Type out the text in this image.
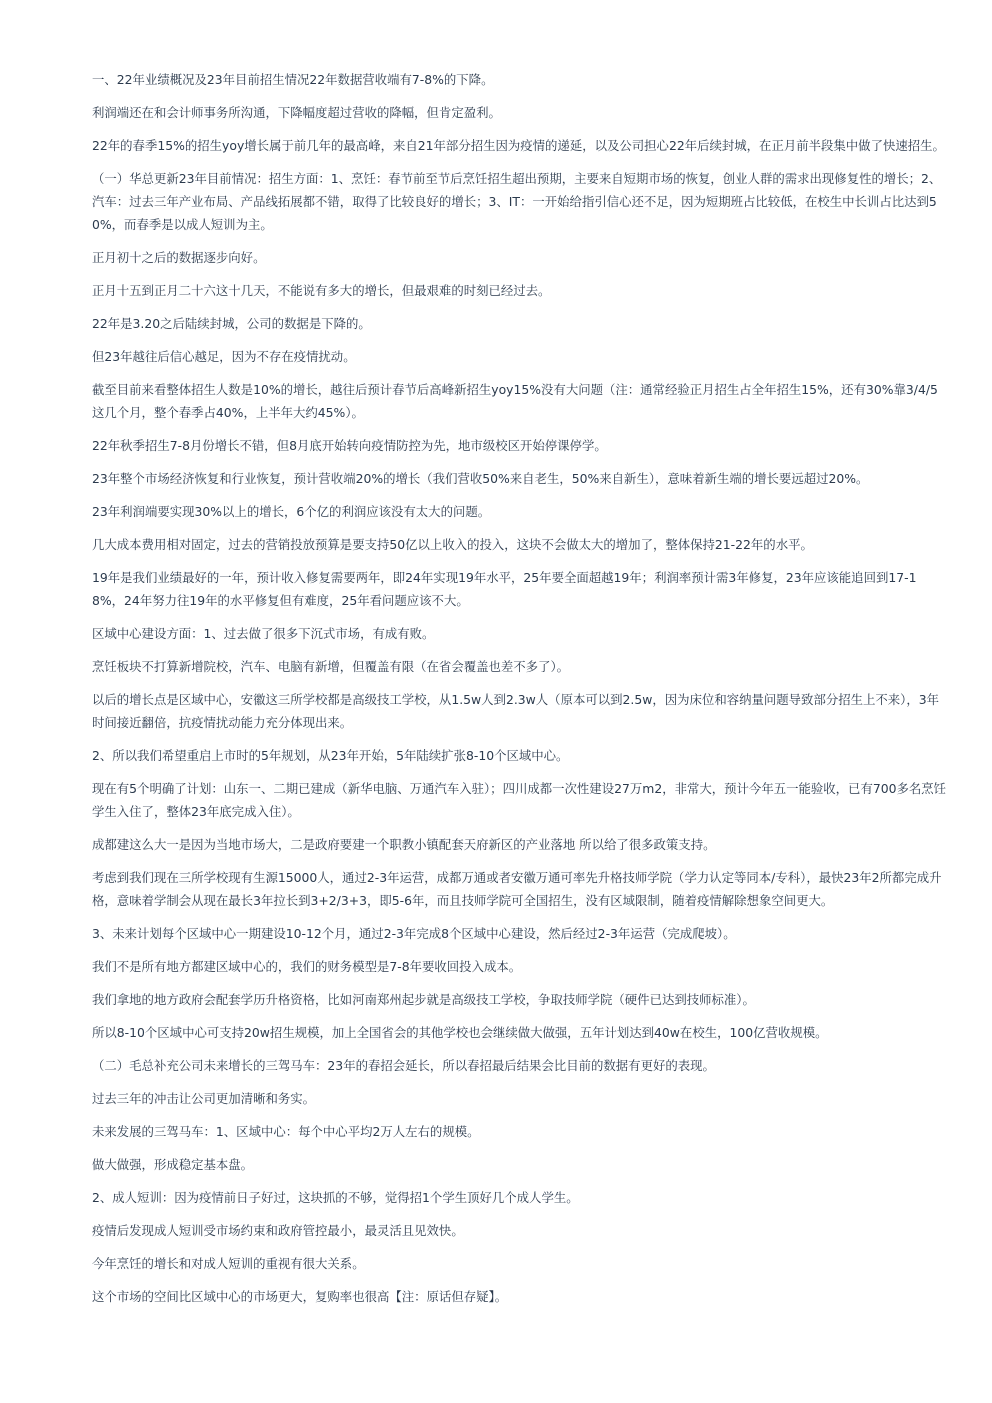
一、22年业绩概况及23年目前招生情况22年数据营收端有7-8%的下降。

利润端还在和会计师事务所沟通，下降幅度超过营收的降幅，但肯定盈利。

22年的春季15%的招生yoy增长属于前几年的最高峰，来自21年部分招生因为疫情的递延，以及公司担心22年后续封城，在正月前半段集中做了快速招生。

（一）华总更新23年目前情况：招生方面：1、烹饪：春节前至节后烹饪招生超出预期，主要来自短期市场的恢复，创业人群的需求出现修复性的增长；2、汽车：过去三年产业布局、产品线拓展都不错，取得了比较良好的增长；3、IT：一开始给指引信心还不足，因为短期班占比较低，在校生中长训占比达到50%，而春季是以成人短训为主。

正月初十之后的数据逐步向好。

正月十五到正月二十六这十几天，不能说有多大的增长，但最艰难的时刻已经过去。

22年是3.20之后陆续封城，公司的数据是下降的。

但23年越往后信心越足，因为不存在疫情扰动。

截至目前来看整体招生人数是10%的增长，越往后预计春节后高峰新招生yoy15%没有大问题（注：通常经验正月招生占全年招生15%，还有30%靠3/4/5这几个月，整个春季占40%，上半年大约45%）。

22年秋季招生7-8月份增长不错，但8月底开始转向疫情防控为先，地市级校区开始停课停学。

23年整个市场经济恢复和行业恢复，预计营收端20%的增长（我们营收50%来自老生，50%来自新生），意味着新生端的增长要远超过20%。

23年利润端要实现30%以上的增长，6个亿的利润应该没有太大的问题。

几大成本费用相对固定，过去的营销投放预算是要支持50亿以上收入的投入，这块不会做太大的增加了，整体保持21-22年的水平。

19年是我们业绩最好的一年，预计收入修复需要两年，即24年实现19年水平，25年要全面超越19年；利润率预计需3年修复，23年应该能追回到17-18%，24年努力往19年的水平修复但有难度，25年看问题应该不大。

区域中心建设方面：1、过去做了很多下沉式市场，有成有败。

烹饪板块不打算新增院校，汽车、电脑有新增，但覆盖有限（在省会覆盖也差不多了）。

以后的增长点是区域中心，安徽这三所学校都是高级技工学校，从1.5w人到2.3w人（原本可以到2.5w，因为床位和容纳量问题导致部分招生上不来），3年时间接近翻倍，抗疫情扰动能力充分体现出来。

2、所以我们希望重启上市时的5年规划，从23年开始，5年陆续扩张8-10个区域中心。

现在有5个明确了计划：山东一、二期已建成（新华电脑、万通汽车入驻）；四川成都一次性建设27万m2，非常大，预计今年五一能验收，已有700多名烹饪学生入住了，整体23年底完成入住）。

成都建这么大一是因为当地市场大，二是政府要建一个职教小镇配套天府新区的产业落地 所以给了很多政策支持。

考虑到我们现在三所学校现有生源15000人，通过2-3年运营，成都万通或者安徽万通可率先升格技师学院（学力认定等同本/专科），最快23年2所都完成升格，意味着学制会从现在最长3年拉长到3+2/3+3，即5-6年，而且技师学院可全国招生，没有区域限制，随着疫情解除想象空间更大。

3、未来计划每个区域中心一期建设10-12个月，通过2-3年完成8个区域中心建设，然后经过2-3年运营（完成爬坡）。

我们不是所有地方都建区域中心的，我们的财务模型是7-8年要收回投入成本。

我们拿地的地方政府会配套学历升格资格，比如河南郑州起步就是高级技工学校，争取技师学院（硬件已达到技师标准）。

所以8-10个区域中心可支持20w招生规模，加上全国省会的其他学校也会继续做大做强，五年计划达到40w在校生，100亿营收规模。

（二）毛总补充公司未来增长的三驾马车：23年的春招会延长，所以春招最后结果会比目前的数据有更好的表现。

过去三年的冲击让公司更加清晰和务实。

未来发展的三驾马车：1、区域中心：每个中心平均2万人左右的规模。

做大做强，形成稳定基本盘。

2、成人短训：因为疫情前日子好过，这块抓的不够，觉得招1个学生顶好几个成人学生。

疫情后发现成人短训受市场约束和政府管控最小，最灵活且见效快。

今年烹饪的增长和对成人短训的重视有很大关系。

这个市场的空间比区域中心的市场更大，复购率也很高【注：原话但存疑】。
